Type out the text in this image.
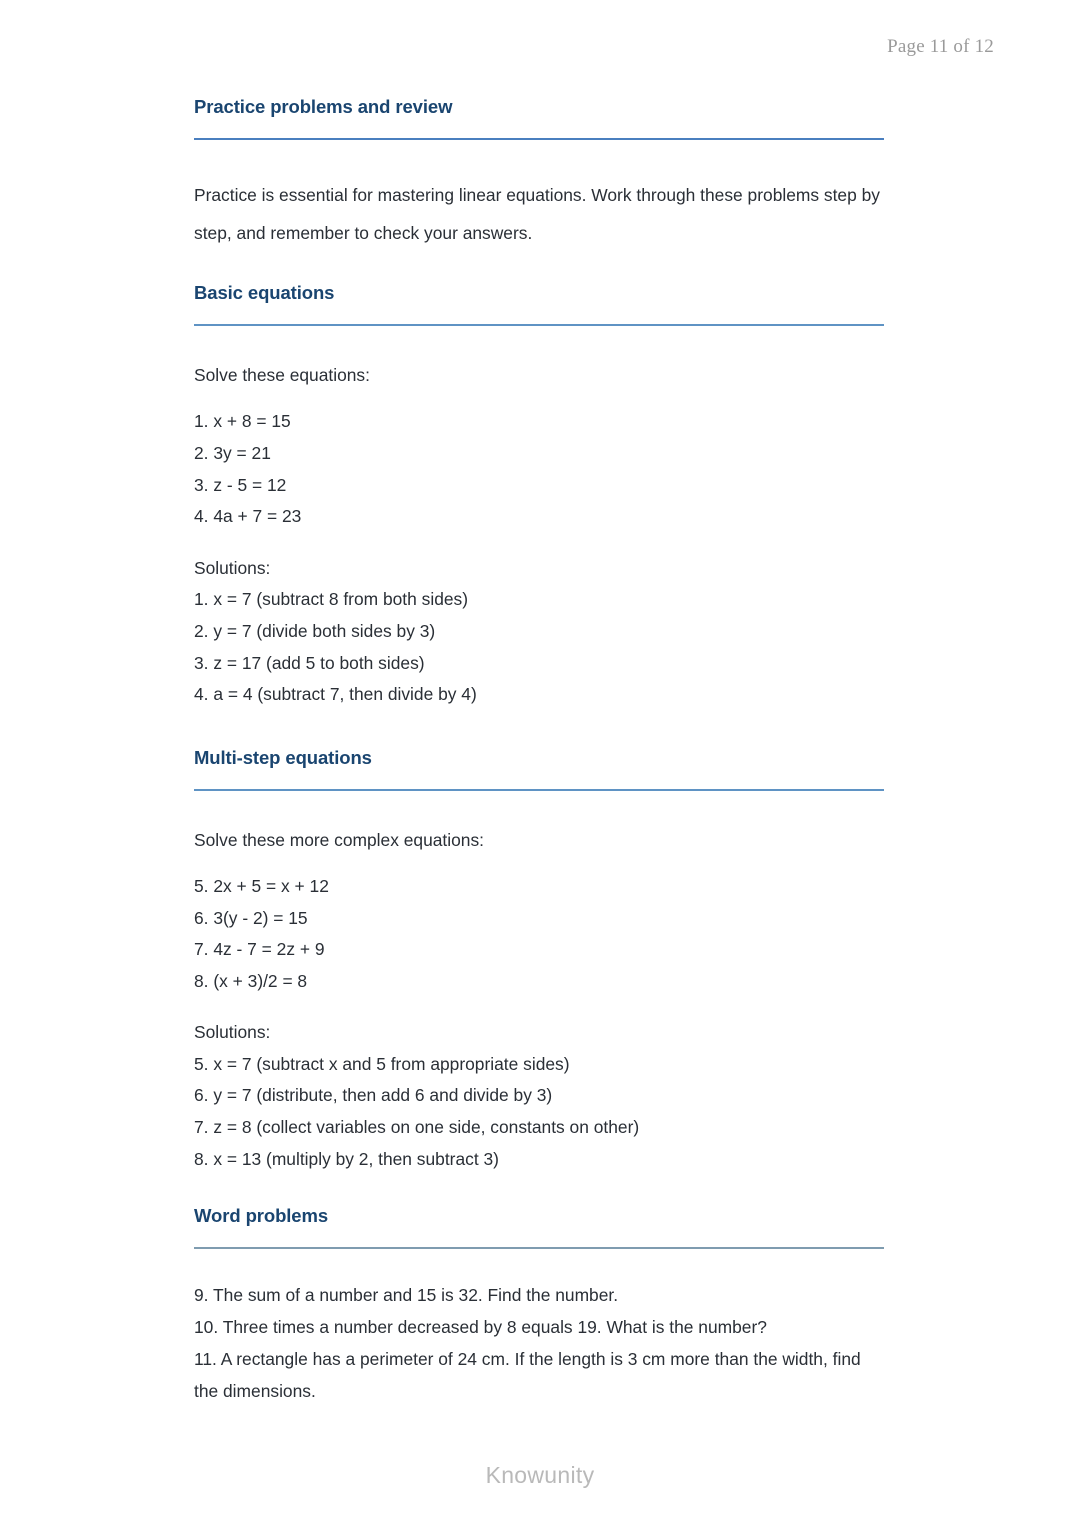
Page 11 of 12
Practice problems and review

Practice is essential for mastering linear equations. Work through these problems step by step, and remember to check your answers.

Basic equations

Solve these equations:

1. x + 8 = 15
2. 3y = 21
3. z - 5 = 12
4. 4a + 7 = 23

Solutions:

1. x = 7 (subtract 8 from both sides)
2. y = 7 (divide both sides by 3)
3. z = 17 (add 5 to both sides)
4. a = 4 (subtract 7, then divide by 4)
Multi-step equations

Solve these more complex equations:

5. 2x + 5 = x + 12
6. 3(y - 2) = 15
7. 4z - 7 = 2z + 9
8. (x + 3)/2 = 8

Solutions:

5. x = 7 (subtract x and 5 from appropriate sides)
6. y = 7 (distribute, then add 6 and divide by 3)
7. z = 8 (collect variables on one side, constants on other)
8. x = 13 (multiply by 2, then subtract 3)
Word problems
9. The sum of a number and 15 is 32. Find the number.
10. Three times a number decreased by 8 equals 19. What is the number?
11. A rectangle has a perimeter of 24 cm. If the length is 3 cm more than the width, find the dimensions.
Knowunity
